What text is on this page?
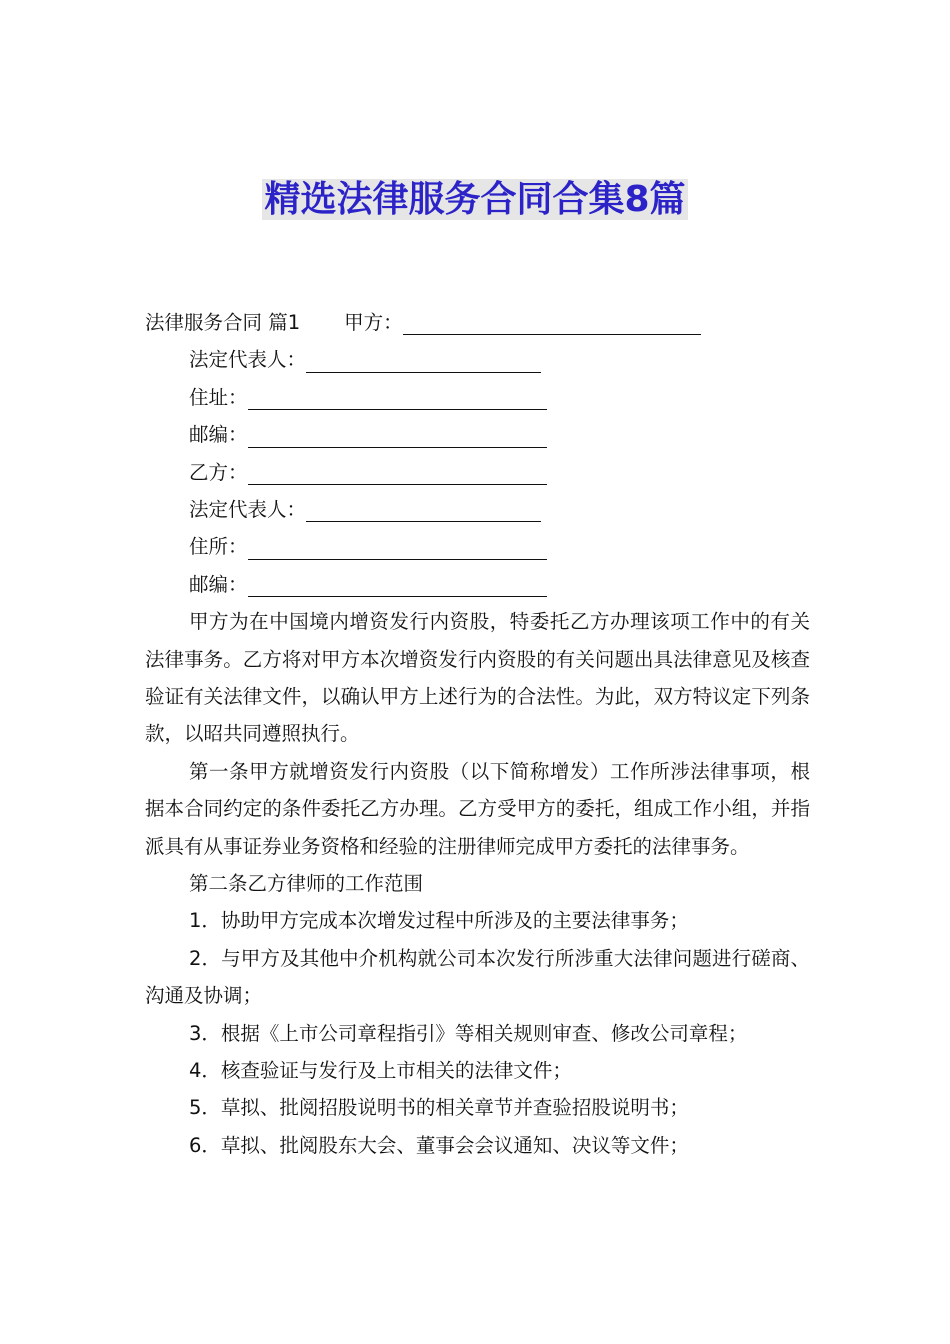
精选法律服务合同合集8篇
法律服务合同 篇1 甲方：
法定代表人：
住址：
邮编：
乙方：
法定代表人：
住所：
邮编：
甲方为在中国境内增资发行内资股，特委托乙方办理该项工作中的有关法律事务。乙方将对甲方本次增资发行内资股的有关问题出具法律意见及核查验证有关法律文件，以确认甲方上述行为的合法性。为此，双方特议定下列条款，以昭共同遵照执行。
第一条甲方就增资发行内资股（以下简称增发）工作所涉法律事项，根据本合同约定的条件委托乙方办理。乙方受甲方的委托，组成工作小组，并指派具有从事证券业务资格和经验的注册律师完成甲方委托的法律事务。
第二条乙方律师的工作范围
1．协助甲方完成本次增发过程中所涉及的主要法律事务；
2．与甲方及其他中介机构就公司本次发行所涉重大法律问题进行磋商、沟通及协调；
3．根据《上市公司章程指引》等相关规则审查、修改公司章程；
4．核查验证与发行及上市相关的法律文件；
5．草拟、批阅招股说明书的相关章节并查验招股说明书；
6．草拟、批阅股东大会、董事会会议通知、决议等文件；
